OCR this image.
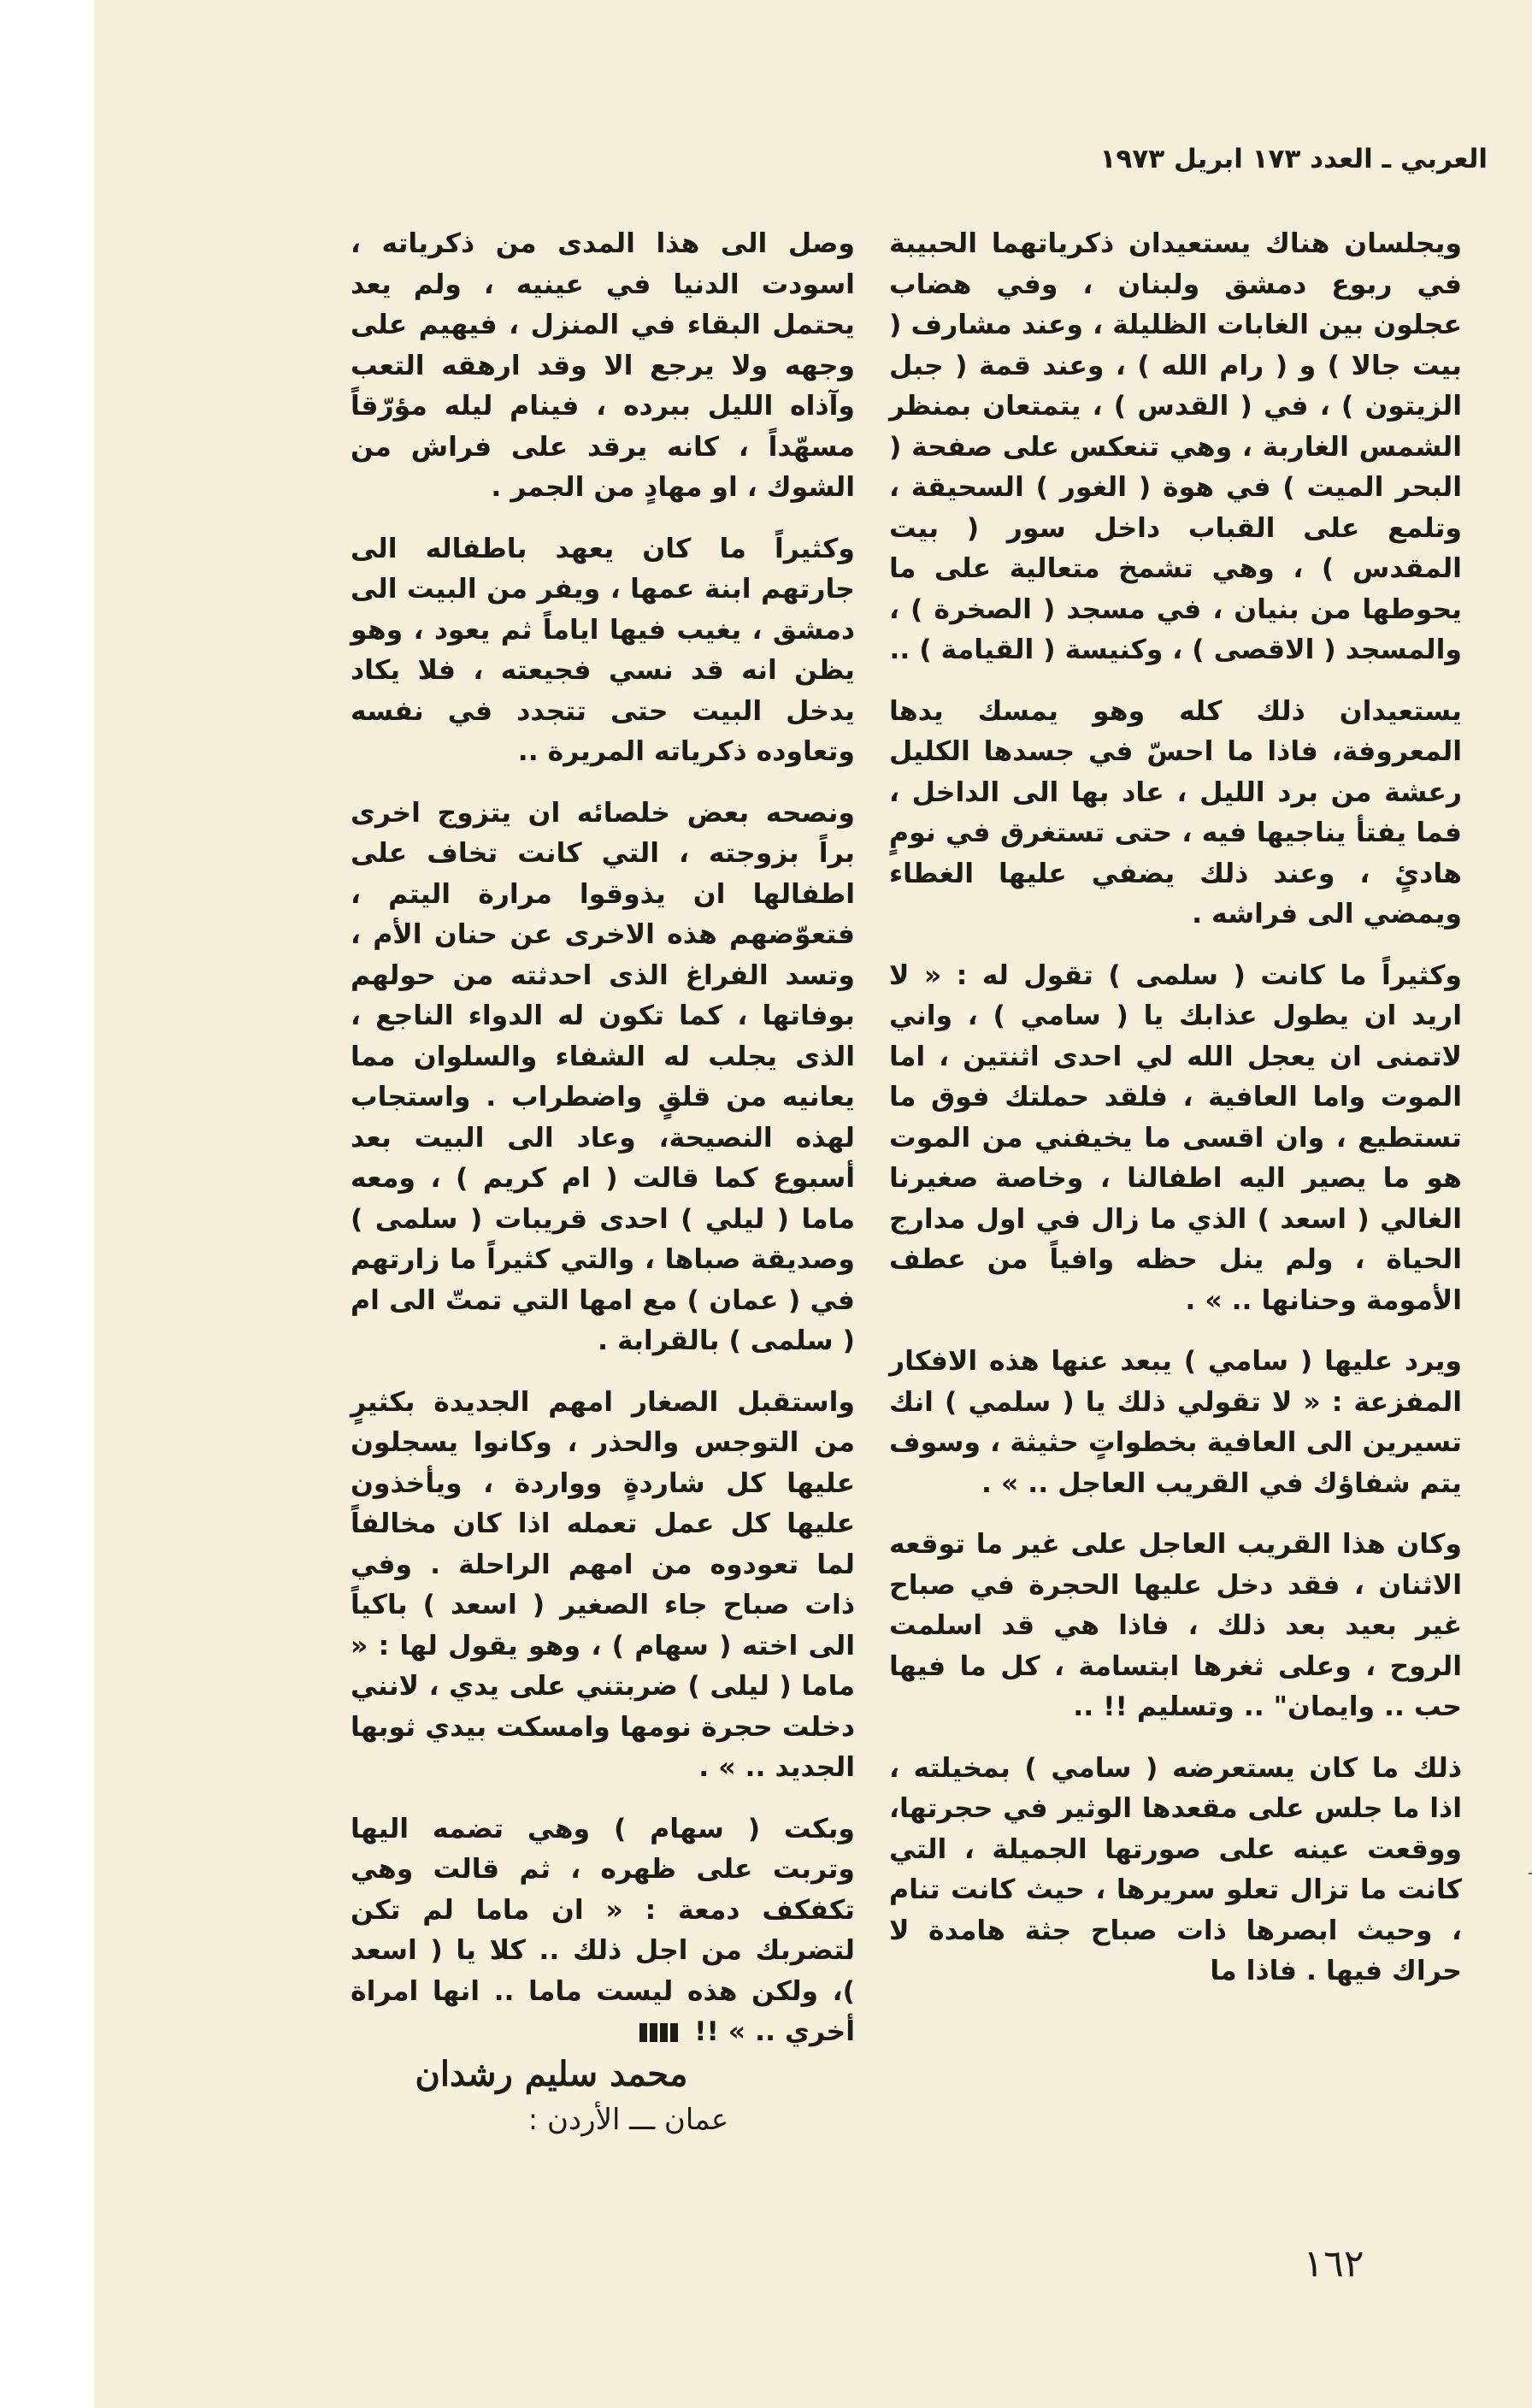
العربي ـ العدد ١٧٣ ابريل ١٩٧٣

ويجلسان هناك يستعيدان ذكرياتهما الحبيبة في ربوع دمشق ولبنان ، وفي هضاب عجلون بين الغابات الظليلة ، وعند مشارف ( بيت جالا ) و ( رام الله ) ، وعند قمة ( جبل الزيتون ) ، في ( القدس ) ، يتمتعان بمنظر الشمس الغاربة ، وهي تنعكس على صفحة ( البحر الميت ) في هوة ( الغور ) السحيقة ، وتلمع على القباب داخل سور ( بيت المقدس ) ، وهي تشمخ متعالية على ما يحوطها من بنيان ، في مسجد ( الصخرة ) ، والمسجد ( الاقصى ) ، وكنيسة ( القيامة ) ..

يستعيدان ذلك كله وهو يمسك يدها المعروفة، فاذا ما احسّ في جسدها الكليل رعشة من برد الليل ، عاد بها الى الداخل ، فما يفتأ يناجيها فيه ، حتى تستغرق في نومٍ هادئٍ ، وعند ذلك يضفي عليها الغطاء ويمضي الى فراشه .

وكثيراً ما كانت ( سلمى ) تقول له : « لا اريد ان يطول عذابك يا ( سامي ) ، واني لاتمنى ان يعجل الله لي احدى اثنتين ، اما الموت واما العافية ، فلقد حملتك فوق ما تستطيع ، وان اقسى ما يخيفني من الموت هو ما يصير اليه اطفالنا ، وخاصة صغيرنا الغالي ( اسعد ) الذي ما زال في اول مدارج الحياة ، ولم ينل حظه وافياً من عطف الأمومة وحنانها .. » .

ويرد عليها ( سامي ) يبعد عنها هذه الافكار المفزعة : « لا تقولي ذلك يا ( سلمي ) انك تسيرين الى العافية بخطواتٍ حثيثة ، وسوف يتم شفاؤك في القريب العاجل .. » .

وكان هذا القريب العاجل على غير ما توقعه الاثنان ، فقد دخل عليها الحجرة في صباح غير بعيد بعد ذلك ، فاذا هي قد اسلمت الروح ، وعلى ثغرها ابتسامة ، كل ما فيها حب .. وايمان" .. وتسليم !! ..

ذلك ما كان يستعرضه ( سامي ) بمخيلته ، اذا ما جلس على مقعدها الوثير في حجرتها، ووقعت عينه على صورتها الجميلة ، التي كانت ما تزال تعلو سريرها ، حيث كانت تنام ، وحيث ابصرها ذات صباح جثة هامدة لا حراك فيها . فاذا ما

وصل الى هذا المدى من ذكرياته ، اسودت الدنيا في عينيه ، ولم يعد يحتمل البقاء في المنزل ، فيهيم على وجهه ولا يرجع الا وقد ارهقه التعب وآذاه الليل ببرده ، فينام ليله مؤرّقاً مسهّداً ، كانه يرقد على فراش من الشوك ، او مهادٍ من الجمر .

وكثيراً ما كان يعهد باطفاله الى جارتهم ابنة عمها ، ويفر من البيت الى دمشق ، يغيب فيها اياماً ثم يعود ، وهو يظن انه قد نسي فجيعته ، فلا يكاد يدخل البيت حتى تتجدد في نفسه وتعاوده ذكرياته المريرة ..

ونصحه بعض خلصائه ان يتزوج اخرى براً بزوجته ، التي كانت تخاف على اطفالها ان يذوقوا مرارة اليتم ، فتعوّضهم هذه الاخرى عن حنان الأم ، وتسد الفراغ الذى احدثته من حولهم بوفاتها ، كما تكون له الدواء الناجع ، الذى يجلب له الشفاء والسلوان مما يعانيه من قلقٍ واضطراب . واستجاب لهذه النصيحة، وعاد الى البيت بعد أسبوع كما قالت ( ام كريم ) ، ومعه ماما ( ليلي ) احدى قريبات ( سلمى ) وصديقة صباها ، والتي كثيراً ما زارتهم في ( عمان ) مع امها التي تمتّ الى ام ( سلمى ) بالقرابة .

واستقبل الصغار امهم الجديدة بكثيرٍ من التوجس والحذر ، وكانوا يسجلون عليها كل شاردةٍ وواردة ، ويأخذون عليها كل عمل تعمله اذا كان مخالفاً لما تعودوه من امهم الراحلة . وفي ذات صباح جاء الصغير ( اسعد ) باكياً الى اخته ( سهام ) ، وهو يقول لها : « ماما ( ليلى ) ضربتني على يدي ، لانني دخلت حجرة نومها وامسكت بيدي ثوبها الجديد .. » .

وبكت ( سهام ) وهي تضمه اليها وتربت على ظهره ، ثم قالت وهي تكفكف دمعة : « ان ماما لم تكن لتضربك من اجل ذلك .. كلا يا ( اسعد )، ولكن هذه ليست ماما .. انها امراة أخري .. » !!

محمد سليم رشدان
عمان ـــ الأردن :
١٦٢
